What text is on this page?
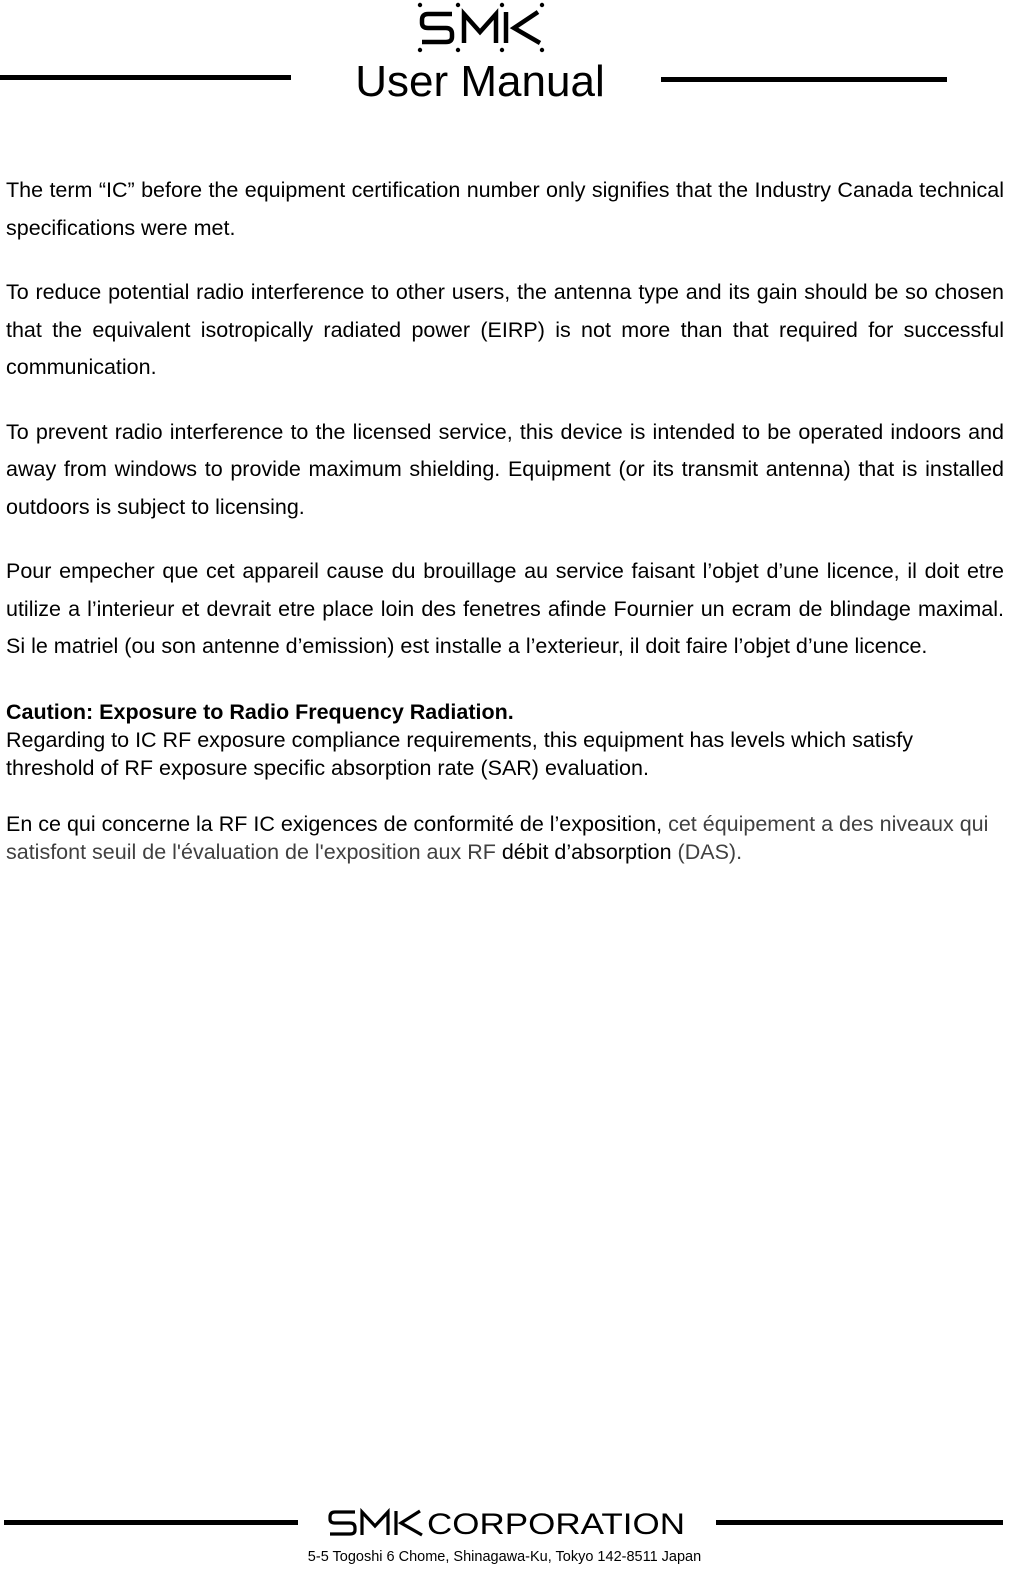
User Manual

The term “IC” before the equipment certification number only signifies that the Industry Canada technical specifications were met.

To reduce potential radio interference to other users, the antenna type and its gain should be so chosen that the equivalent isotropically radiated power (EIRP) is not more than that required for successful communication.

To prevent radio interference to the licensed service, this device is intended to be operated indoors and away from windows to provide maximum shielding. Equipment (or its transmit antenna) that is installed outdoors is subject to licensing.

Pour empecher que cet appareil cause du brouillage au service faisant l’objet d’une licence, il doit etre utilize a l’interieur et devrait etre place loin des fenetres afinde Fournier un ecram de blindage maximal. Si le matriel (ou son antenne d’emission) est installe a l’exterieur, il doit faire l’objet d’une licence.

Caution: Exposure to Radio Frequency Radiation.
Regarding to IC RF exposure compliance requirements, this equipment has levels which satisfy threshold of RF exposure specific absorption rate (SAR) evaluation.
En ce qui concerne la RF IC exigences de conformité de l’exposition, cet équipement a des niveaux qui satisfont seuil de l'évaluation de l'exposition aux RF débit d’absorption (DAS).
CORPORATION
5-5 Togoshi 6 Chome, Shinagawa-Ku, Tokyo 142-8511 Japan
